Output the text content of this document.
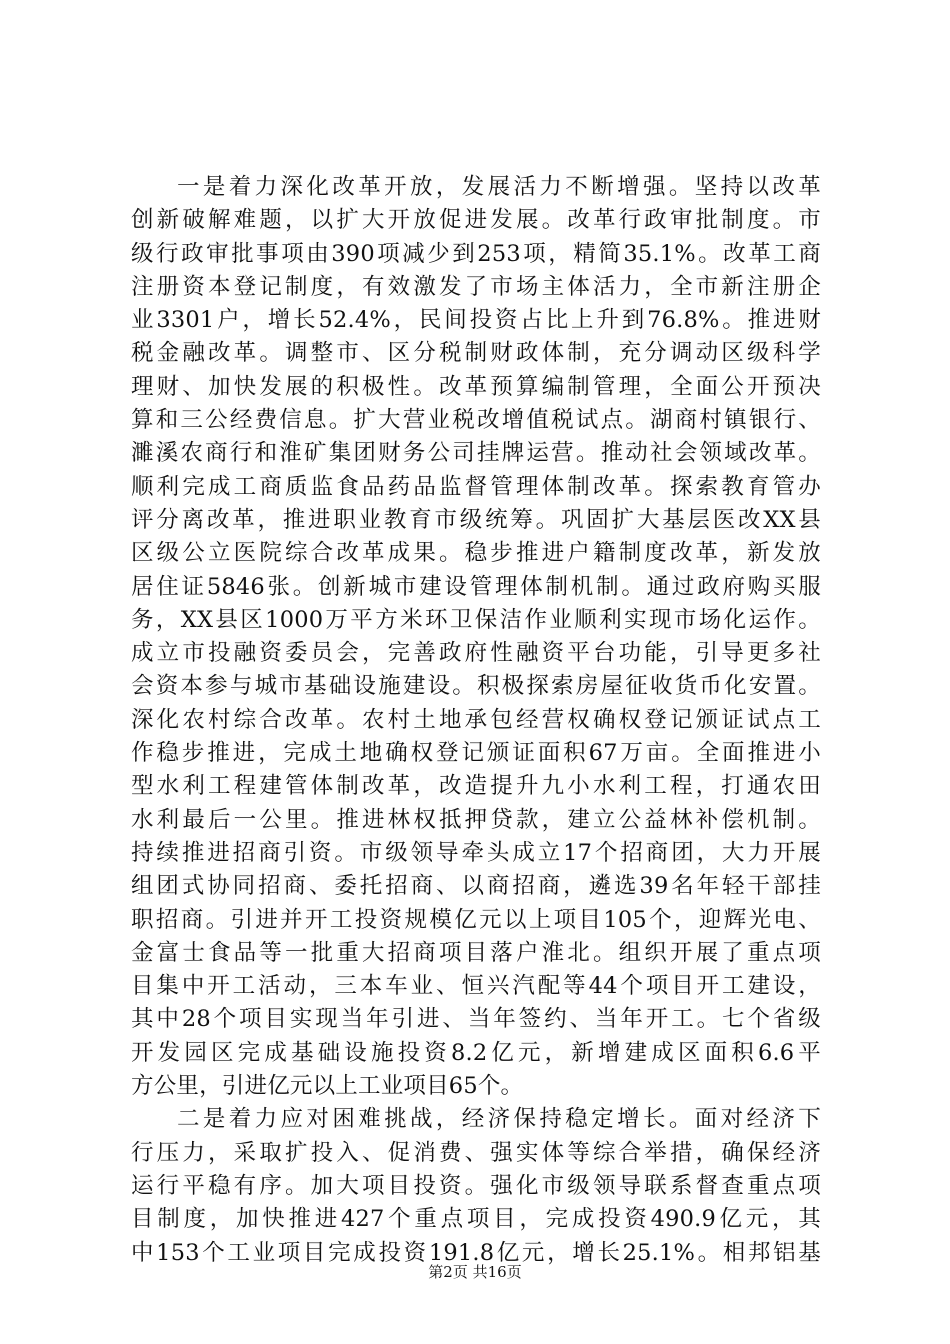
一是着力深化改革开放，发展活力不断增强。坚持以改革
创新破解难题，以扩大开放促进发展。改革行政审批制度。市
级行政审批事项由390项减少到253项，精简35.1%。改革工商
注册资本登记制度，有效激发了市场主体活力，全市新注册企
业3301户，增长52.4%，民间投资占比上升到76.8%。推进财
税金融改革。调整市、区分税制财政体制，充分调动区级科学
理财、加快发展的积极性。改革预算编制管理，全面公开预决
算和三公经费信息。扩大营业税改增值税试点。湖商村镇银行、
濉溪农商行和淮矿集团财务公司挂牌运营。推动社会领域改革。
顺利完成工商质监食品药品监督管理体制改革。探索教育管办
评分离改革，推进职业教育市级统筹。巩固扩大基层医改XX县
区级公立医院综合改革成果。稳步推进户籍制度改革，新发放
居住证5846张。创新城市建设管理体制机制。通过政府购买服
务，XX县区1000万平方米环卫保洁作业顺利实现市场化运作。
成立市投融资委员会，完善政府性融资平台功能，引导更多社
会资本参与城市基础设施建设。积极探索房屋征收货币化安置。
深化农村综合改革。农村土地承包经营权确权登记颁证试点工
作稳步推进，完成土地确权登记颁证面积67万亩。全面推进小
型水利工程建管体制改革，改造提升九小水利工程，打通农田
水利最后一公里。推进林权抵押贷款，建立公益林补偿机制。
持续推进招商引资。市级领导牵头成立17个招商团，大力开展
组团式协同招商、委托招商、以商招商，遴选39名年轻干部挂
职招商。引进并开工投资规模亿元以上项目105个，迎辉光电、
金富士食品等一批重大招商项目落户淮北。组织开展了重点项
目集中开工活动，三本车业、恒兴汽配等44个项目开工建设，
其中28个项目实现当年引进、当年签约、当年开工。七个省级
开发园区完成基础设施投资8.2亿元，新增建成区面积6.6平
方公里，引进亿元以上工业项目65个。
二是着力应对困难挑战，经济保持稳定增长。面对经济下
行压力，采取扩投入、促消费、强实体等综合举措，确保经济
运行平稳有序。加大项目投资。强化市级领导联系督查重点项
目制度，加快推进427个重点项目，完成投资490.9亿元，其
中153个工业项目完成投资191.8亿元，增长25.1%。相邦铝基
第2页 共16页
